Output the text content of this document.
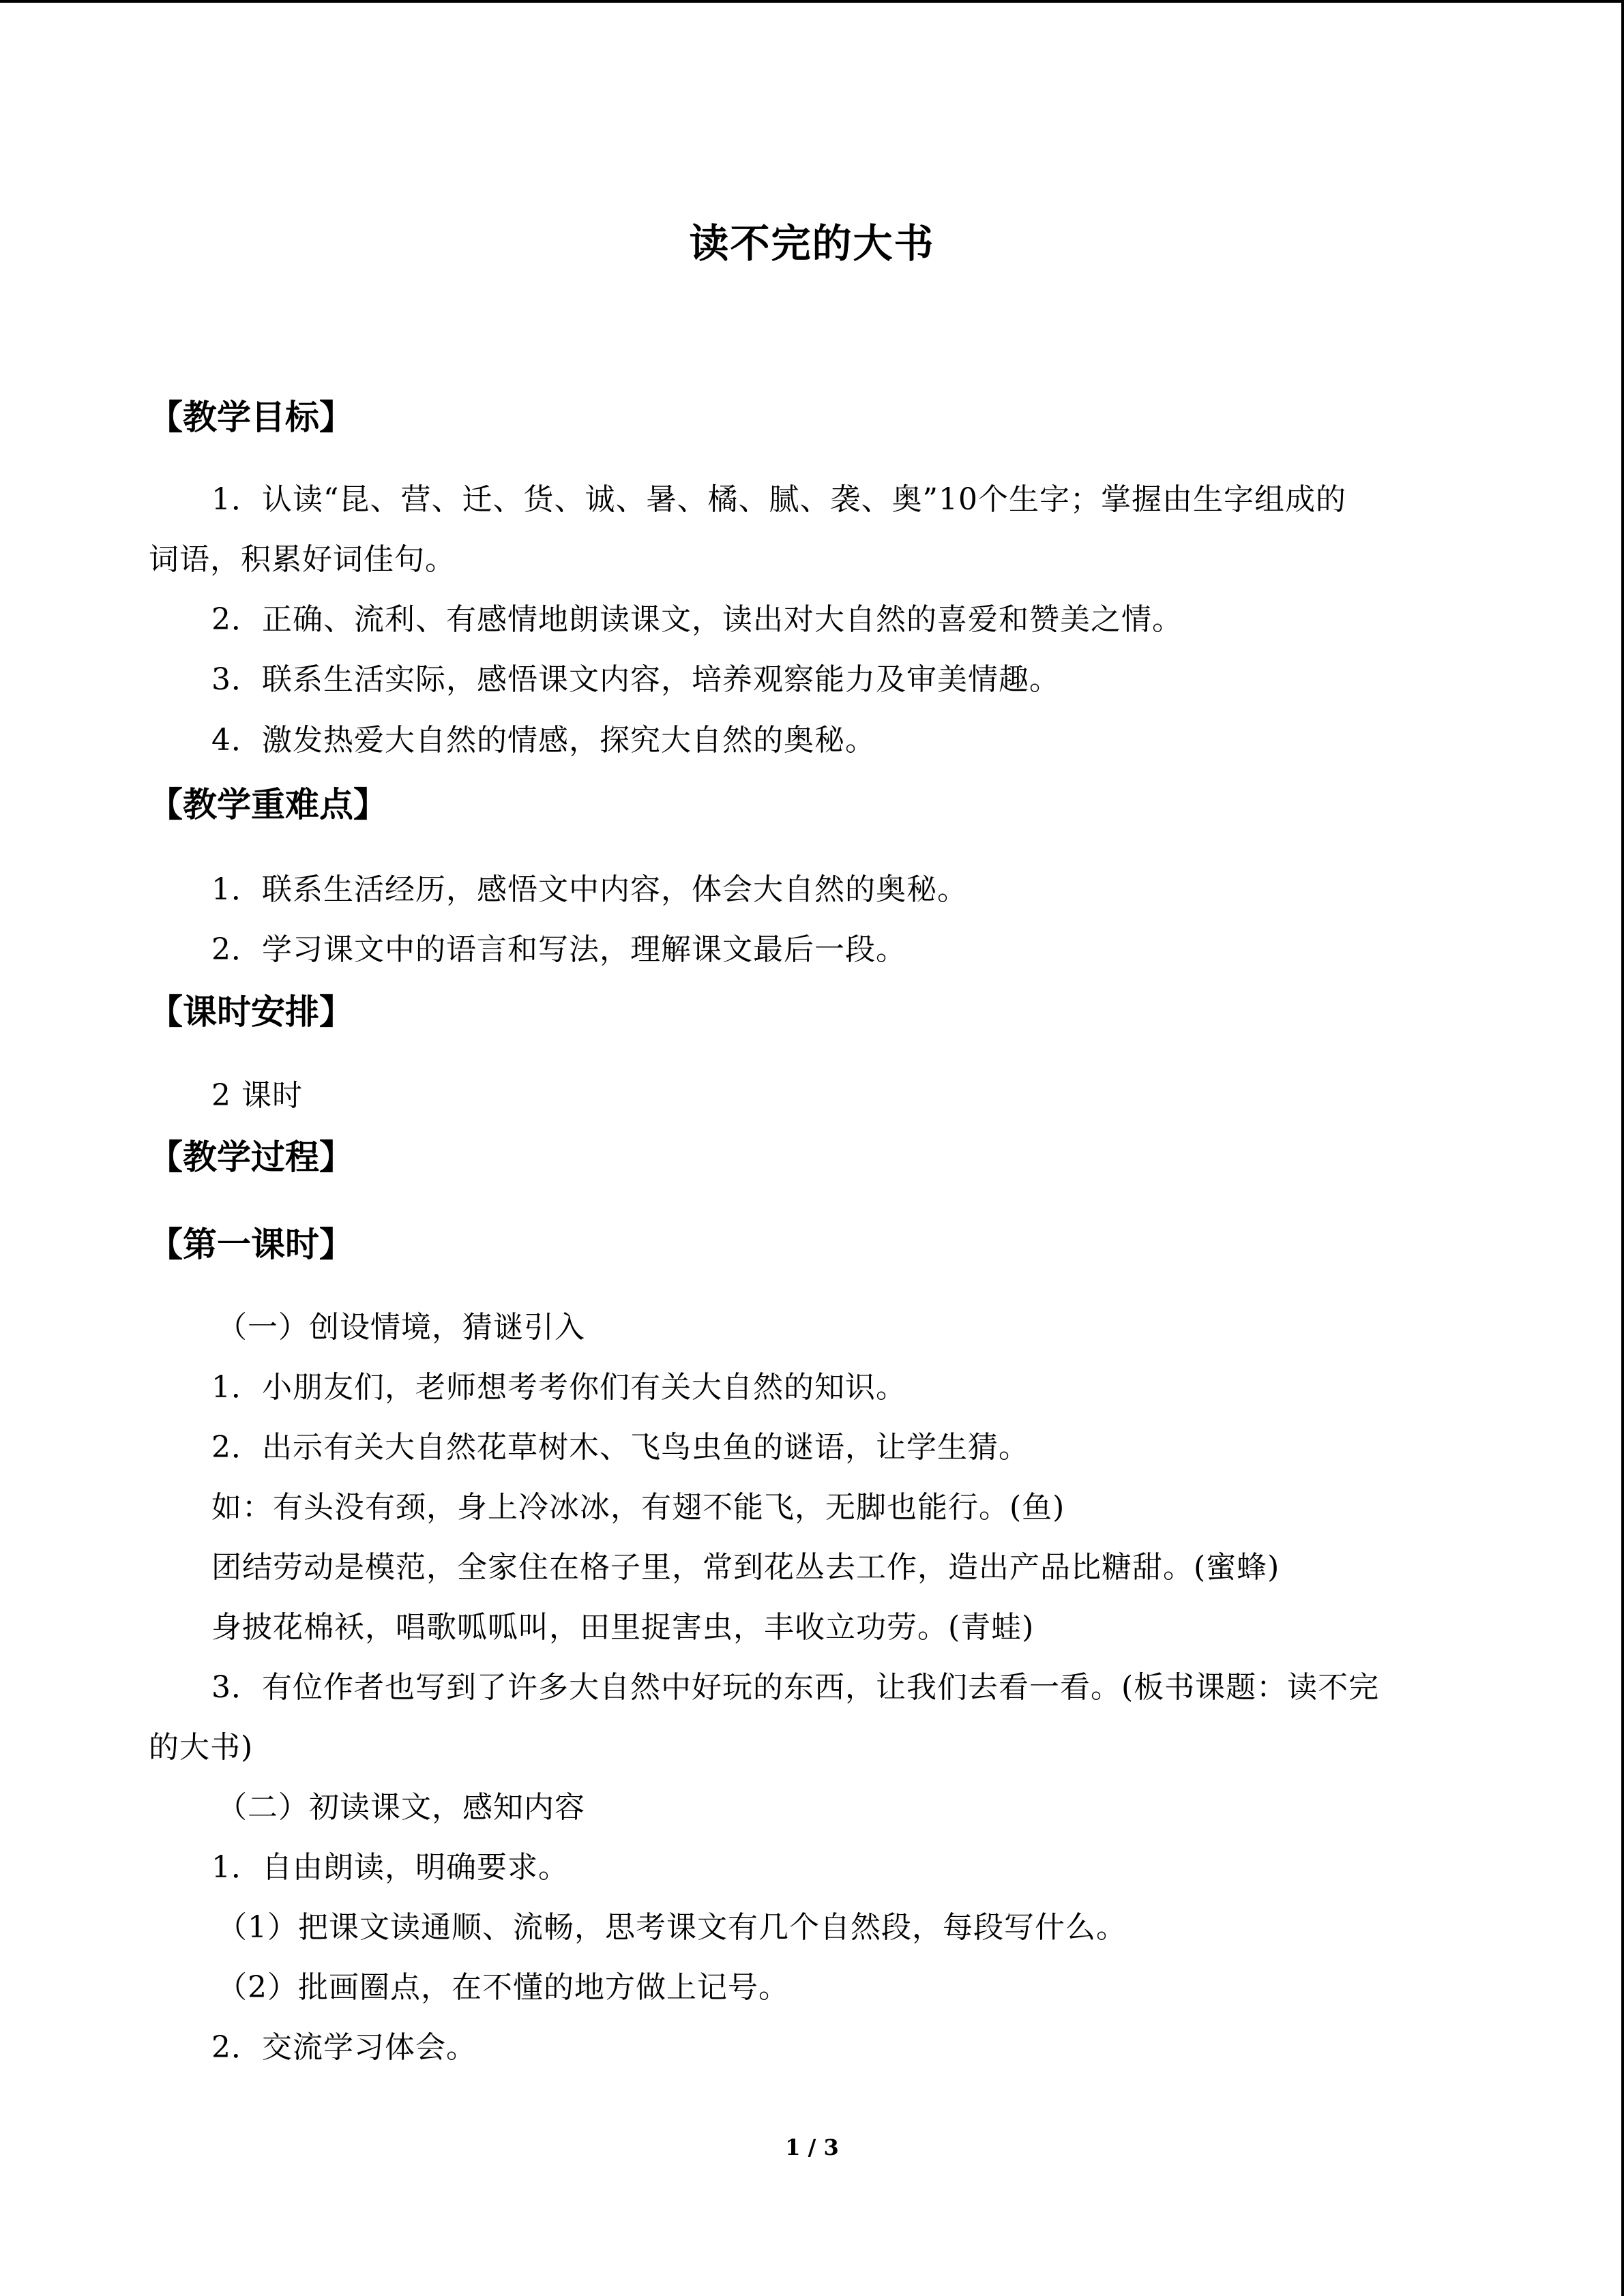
读不完的大书
【教学目标】
1．认读“昆、营、迁、货、诚、暑、橘、腻、袭、奥”10个生字；掌握由生字组成的
词语，积累好词佳句。
2．正确、流利、有感情地朗读课文，读出对大自然的喜爱和赞美之情。
3．联系生活实际，感悟课文内容，培养观察能力及审美情趣。
4．激发热爱大自然的情感，探究大自然的奥秘。
【教学重难点】
1．联系生活经历，感悟文中内容，体会大自然的奥秘。
2．学习课文中的语言和写法，理解课文最后一段。
【课时安排】
2 课时
【教学过程】
【第一课时】
（一）创设情境，猜谜引入
1．小朋友们，老师想考考你们有关大自然的知识。
2．出示有关大自然花草树木、飞鸟虫鱼的谜语，让学生猜。
如：有头没有颈，身上冷冰冰，有翅不能飞，无脚也能行。(鱼)
团结劳动是模范，全家住在格子里，常到花丛去工作，造出产品比糖甜。(蜜蜂)
身披花棉袄，唱歌呱呱叫，田里捉害虫，丰收立功劳。(青蛙)
3．有位作者也写到了许多大自然中好玩的东西，让我们去看一看。(板书课题：读不完
的大书)
（二）初读课文，感知内容
1．自由朗读，明确要求。
（1）把课文读通顺、流畅，思考课文有几个自然段，每段写什么。
（2）批画圈点，在不懂的地方做上记号。
2．交流学习体会。
1 / 3
